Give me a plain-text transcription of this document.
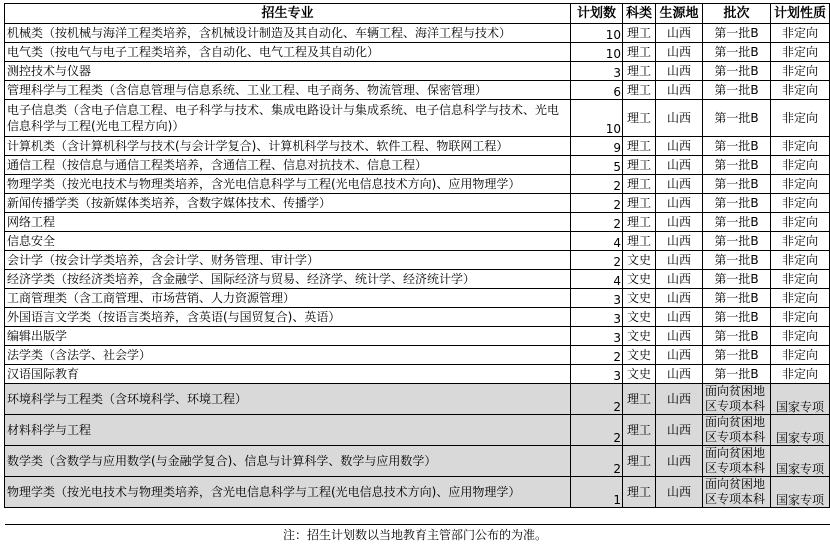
招生专业	计划数	科类	生源地	批次	计划性质
机械类（按机械与海洋工程类培养，含机械设计制造及其自动化、车辆工程、海洋工程与技术）	10	理工	山西	第一批B	非定向
电气类（按电气与电子工程类培养，含自动化、电气工程及其自动化）	10	理工	山西	第一批B	非定向
测控技术与仪器	3	理工	山西	第一批B	非定向
管理科学与工程类（含信息管理与信息系统、工业工程、电子商务、物流管理、保密管理）	6	理工	山西	第一批B	非定向
电子信息类（含电子信息工程、电子科学与技术、集成电路设计与集成系统、电子信息科学与技术、光电信息科学与工程(光电工程方向)）	10	理工	山西	第一批B	非定向
计算机类（含计算机科学与技术(与会计学复合)、计算机科学与技术、软件工程、物联网工程）	9	理工	山西	第一批B	非定向
通信工程（按信息与通信工程类培养，含通信工程、信息对抗技术、信息工程）	5	理工	山西	第一批B	非定向
物理学类（按光电技术与物理类培养，含光电信息科学与工程(光电信息技术方向)、应用物理学）	2	理工	山西	第一批B	非定向
新闻传播学类（按新媒体类培养，含数字媒体技术、传播学）	2	理工	山西	第一批B	非定向
网络工程	2	理工	山西	第一批B	非定向
信息安全	4	理工	山西	第一批B	非定向
会计学（按会计学类培养，含会计学、财务管理、审计学）	2	文史	山西	第一批B	非定向
经济学类（按经济类培养，含金融学、国际经济与贸易、经济学、统计学、经济统计学）	4	文史	山西	第一批B	非定向
工商管理类（含工商管理、市场营销、人力资源管理）	3	文史	山西	第一批B	非定向
外国语言文学类（按语言类培养，含英语(与国贸复合)、英语）	3	文史	山西	第一批B	非定向
编辑出版学	3	文史	山西	第一批B	非定向
法学类（含法学、社会学）	2	文史	山西	第一批B	非定向
汉语国际教育	3	文史	山西	第一批B	非定向
环境科学与工程类（含环境科学、环境工程）	2	理工	山西	面向贫困地区专项本科	国家专项
材料科学与工程	2	理工	山西	面向贫困地区专项本科	国家专项
数学类（含数学与应用数学(与金融学复合)、信息与计算科学、数学与应用数学）	2	理工	山西	面向贫困地区专项本科	国家专项
物理学类（按光电技术与物理类培养，含光电信息科学与工程(光电信息技术方向)、应用物理学）	1	理工	山西	面向贫困地区专项本科	国家专项

注：招生计划数以当地教育主管部门公布的为准。
